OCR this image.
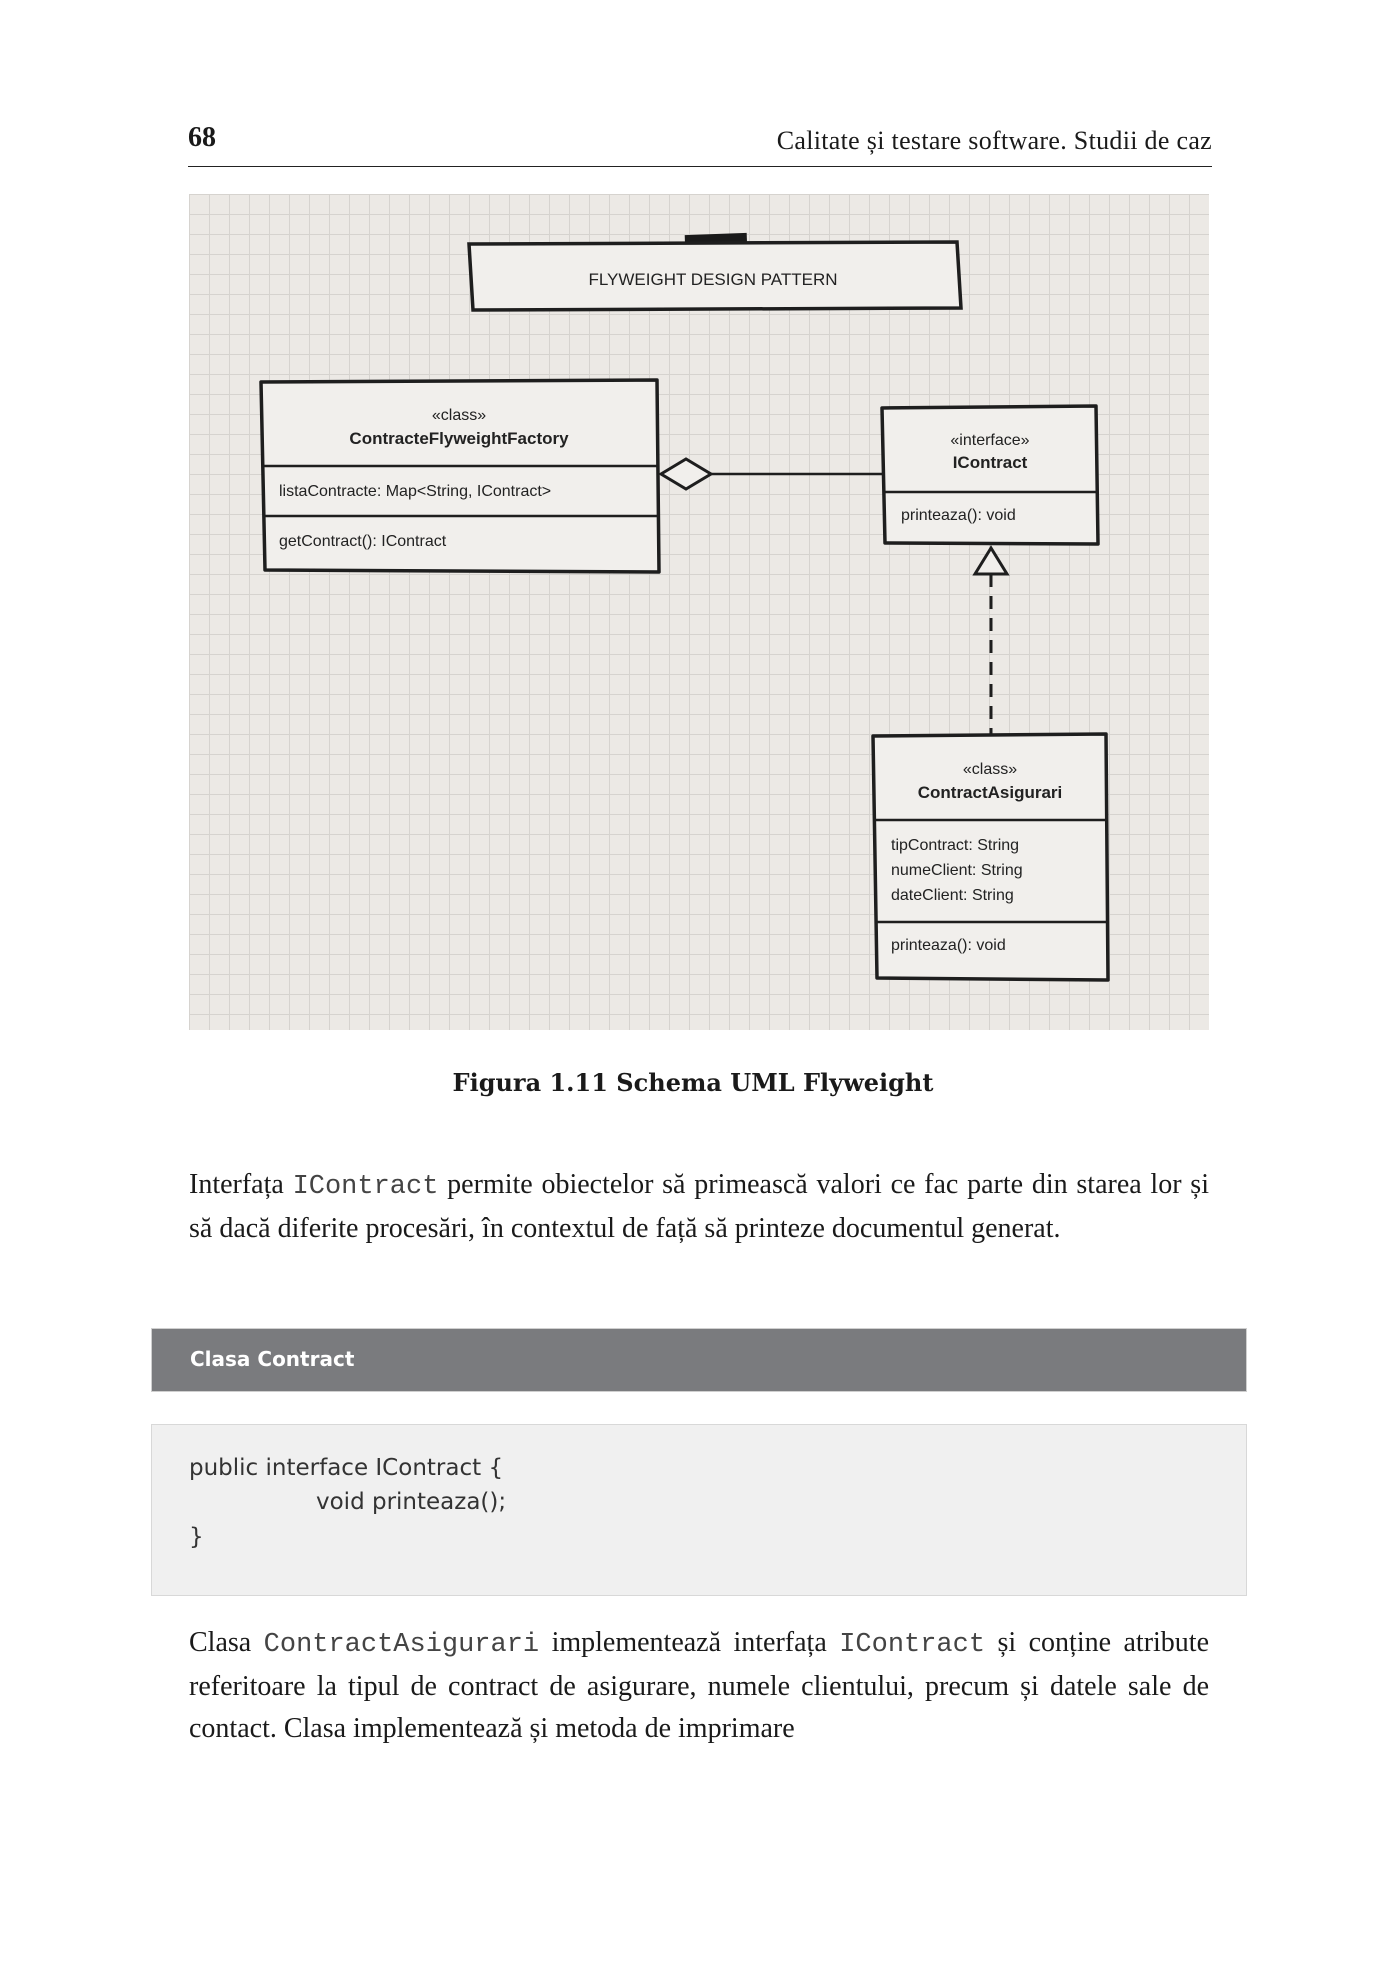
68	Calitate și testare software. Studii de caz
FLYWEIGHT DESIGN PATTERN
«class»
ContracteFlyweightFactory
listaContracte: Map<String, IContract>
getContract(): IContract
«interface»
IContract
printeaza(): void
«class»
ContractAsigurari
tipContract: String
numeClient: String
dateClient: String
printeaza(): void
Figura 1.11 Schema UML Flyweight

Interfața IContract permite obiectelor să primească valori ce fac parte din starea lor și să dacă diferite procesări, în contextul de față să printeze documentul generat.

Clasa Contract
public interface IContract {
void printeaza();
}

Clasa ContractAsigurari implementează interfața IContract și conține atribute referitoare la tipul de contract de asigurare, numele clientului, precum și datele sale de contact. Clasa implementează și metoda de imprimare
